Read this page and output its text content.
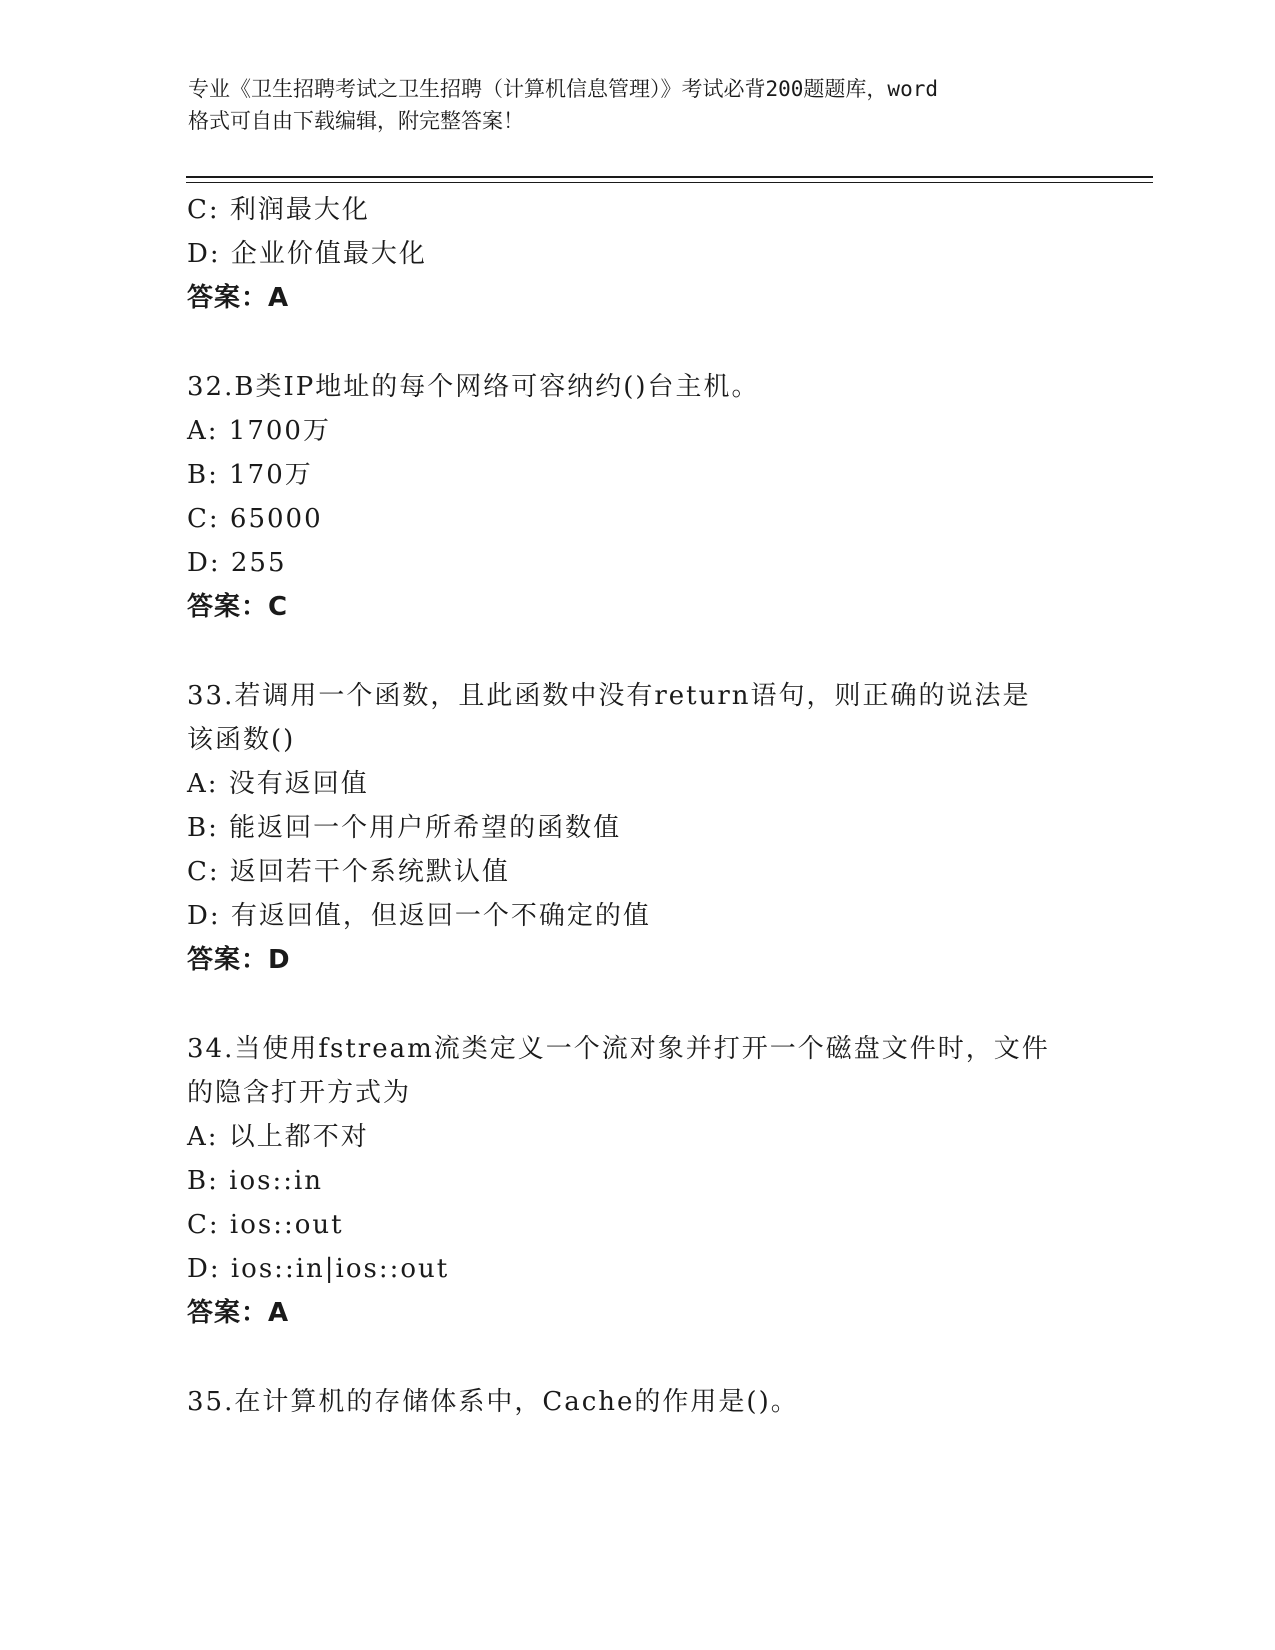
专业《卫生招聘考试之卫生招聘（计算机信息管理）》考试必背200题题库，word
格式可自由下载编辑，附完整答案！
C: 利润最大化
D: 企业价值最大化
答案：A
32.B类IP地址的每个网络可容纳约()台主机。
A: 1700万
B: 170万
C: 65000
D: 255
答案：C
33.若调用一个函数，且此函数中没有return语句，则正确的说法是
该函数()
A: 没有返回值
B: 能返回一个用户所希望的函数值
C: 返回若干个系统默认值
D: 有返回值，但返回一个不确定的值
答案：D
34.当使用fstream流类定义一个流对象并打开一个磁盘文件时，文件
的隐含打开方式为
A: 以上都不对
B: ios::in
C: ios::out
D: ios::in|ios::out
答案：A
35.在计算机的存储体系中，Cache的作用是()。
